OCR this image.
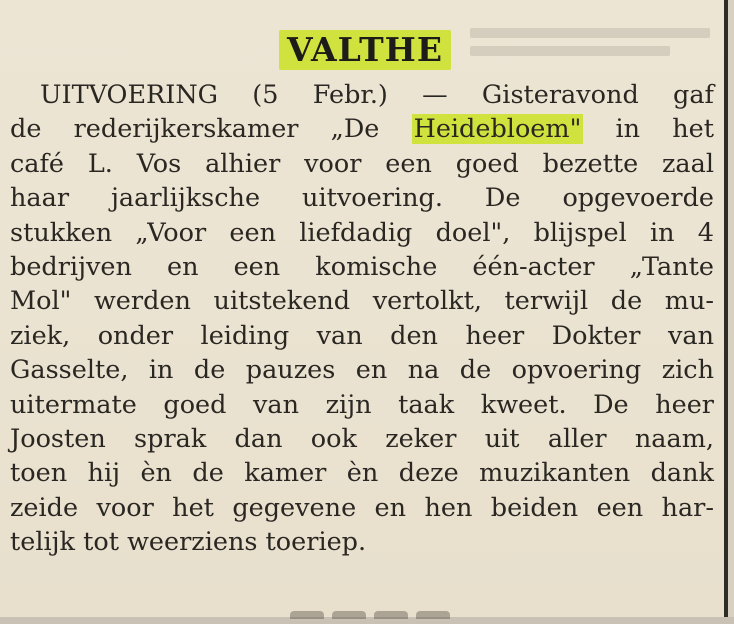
VALTHE
UITVOERING (5 Febr.) — Gisteravond gaf
de rederijkerskamer „De Heidebloem" in het
café L. Vos alhier voor een goed bezette zaal
haar jaarlijksche uitvoering. De opgevoerde
stukken „Voor een liefdadig doel", blijspel in 4
bedrijven en een komische één-acter „Tante
Mol" werden uitstekend vertolkt, terwijl de mu-
ziek, onder leiding van den heer Dokter van
Gasselte, in de pauzes en na de opvoering zich
uitermate goed van zijn taak kweet. De heer
Joosten sprak dan ook zeker uit aller naam,
toen hij èn de kamer èn deze muzikanten dank
zeide voor het gegevene en hen beiden een har-
telijk tot weerziens toeriep.
